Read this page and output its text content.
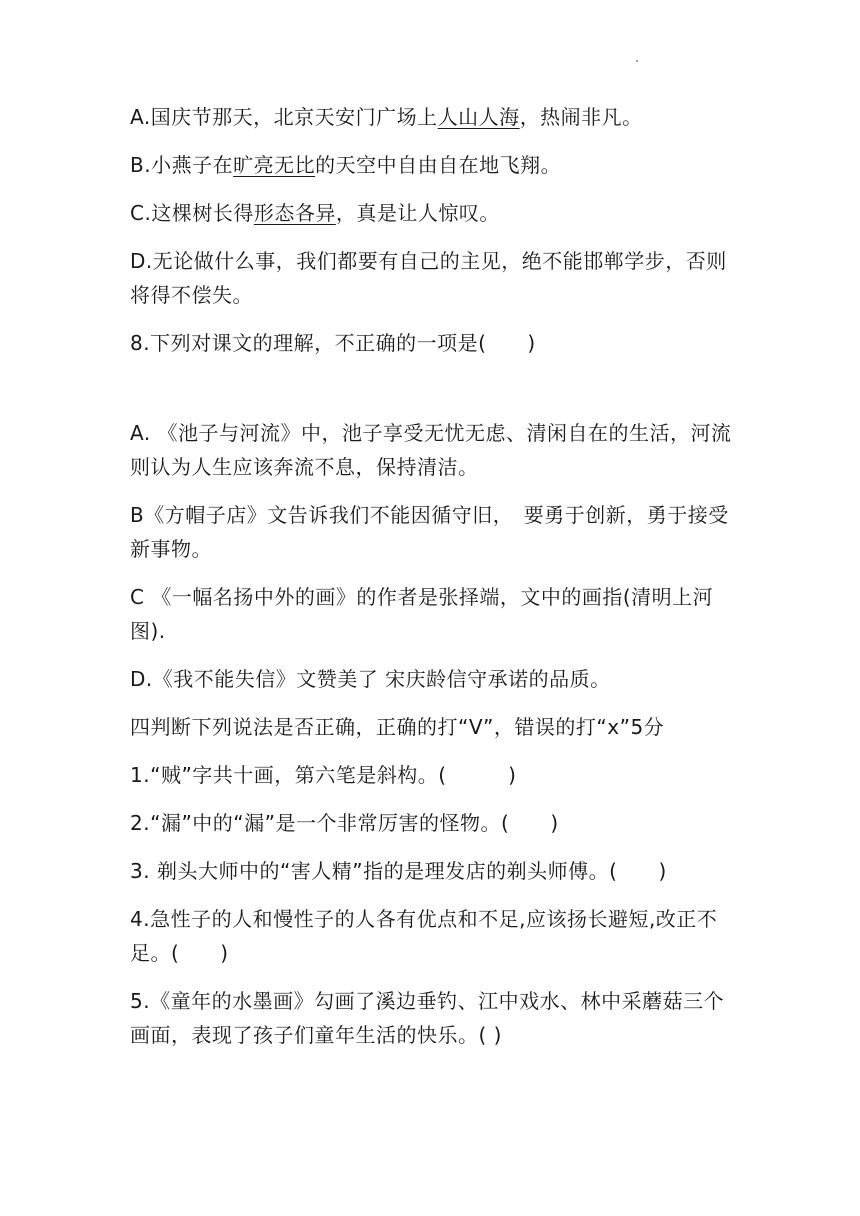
A.国庆节那天，北京天安门广场上人山人海，热闹非凡。

B.小燕子在旷亮无比的天空中自由自在地飞翔。

C.这棵树长得形态各异，真是让人惊叹。

D.无论做什么事，我们都要有自己的主见，绝不能邯郸学步，否则将得不偿失。

8.下列对课文的理解，不正确的一项是(　　)

A. 《池子与河流》中，池子享受无忧无虑、清闲自在的生活，河流则认为人生应该奔流不息，保持清洁。

B《方帽子店》文告诉我们不能因循守旧，　要勇于创新，勇于接受新事物。

C 《一幅名扬中外的画》的作者是张择端，文中的画指(清明上河图).

D.《我不能失信》文赞美了 宋庆龄信守承诺的品质。

四判断下列说法是否正确，正确的打“V”，错误的打“x”5分

1.“贼”字共十画，第六笔是斜构。(　　　)

2.“漏”中的“漏”是一个非常厉害的怪物。(　　)

3. 剃头大师中的“害人精”指的是理发店的剃头师傅。(　　)

4.急性子的人和慢性子的人各有优点和不足,应该扬长避短,改正不足。(　　)

5.《童年的水墨画》勾画了溪边垂钓、江中戏水、林中采蘑菇三个画面，表现了孩子们童年生活的快乐。( )
